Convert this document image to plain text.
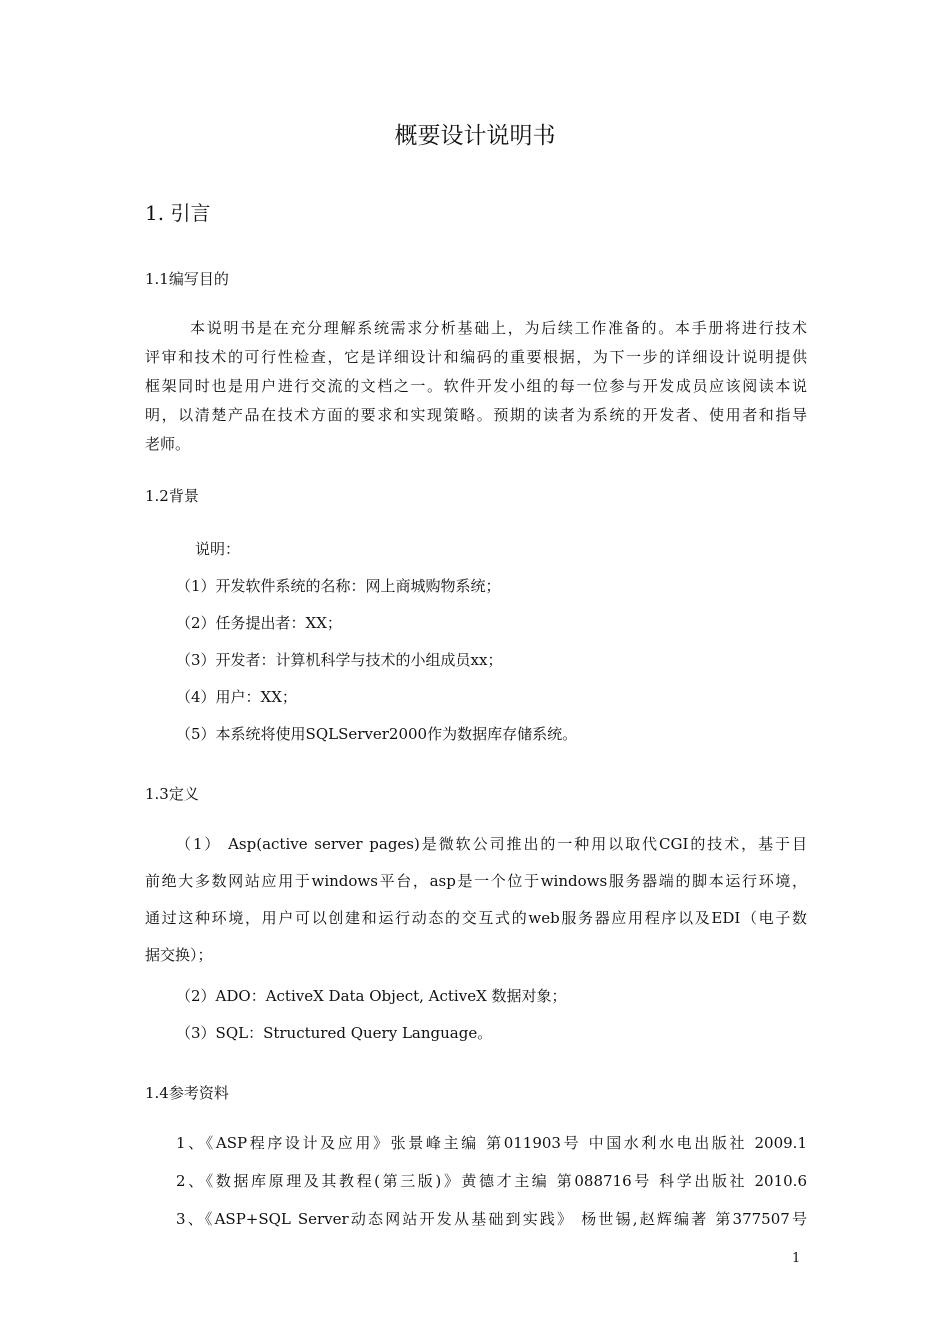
概要设计说明书
1. 引言
1.1编写目的
本说明书是在充分理解系统需求分析基础上，为后续工作准备的。本手册将进行技术
评审和技术的可行性检查，它是详细设计和编码的重要根据，为下一步的详细设计说明提供
框架同时也是用户进行交流的文档之一。软件开发小组的每一位参与开发成员应该阅读本说
明，以清楚产品在技术方面的要求和实现策略。预期的读者为系统的开发者、使用者和指导
老师。
1.2背景
说明：
（1）开发软件系统的名称：网上商城购物系统；
（2）任务提出者：XX；
（3）开发者：计算机科学与技术的小组成员xx；
（4）用户：XX；
（5）本系统将使用SQLServer2000作为数据库存储系统。
1.3定义
（1） Asp(active server pages)是微软公司推出的一种用以取代CGI的技术，基于目
前绝大多数网站应用于windows平台，asp是一个位于windows服务器端的脚本运行环境，
通过这种环境，用户可以创建和运行动态的交互式的web服务器应用程序以及EDI（电子数
据交换）；
（2）ADO：ActiveX Data Object, ActiveX 数据对象；
（3）SQL：Structured Query Language。
1.4参考资料
1、《ASP程序设计及应用》张景峰主编 第011903号 中国水利水电出版社 2009.1
2、《数据库原理及其教程(第三版)》黄德才主编 第088716号 科学出版社 2010.6
3、《ASP+SQL Server动态网站开发从基础到实践》 杨世锡,赵辉编著 第377507号
1
